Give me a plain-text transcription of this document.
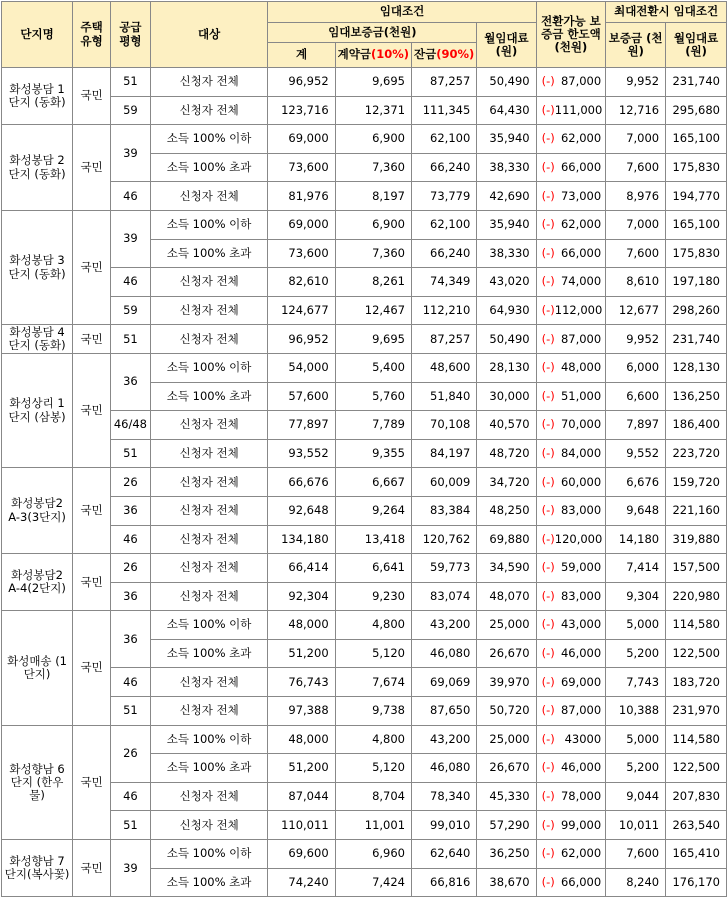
단지명	주택 유형	공급 평형	대상	임대조건				전환가능 보증금 한도액(천원)	최대전환시 임대조건	
				임대보증금(천원)			월임대료 (원)		보증금 (천원)	월임대료 (원)
				계	계약금(10%)	잔금(90%)				
화성봉담 1단지 (동화)	국민	51	신청자 전체	96,952	9,695	87,257	50,490	(-) 87,000	9,952	231,740
		59	신청자 전체	123,716	12,371	111,345	64,430	(-) 111,000	12,716	295,680
화성봉담 2단지 (동화)	국민	39	소득 100% 이하	69,000	6,900	62,100	35,940	(-) 62,000	7,000	165,100
			소득 100% 초과	73,600	7,360	66,240	38,330	(-) 66,000	7,600	175,830
		46	신청자 전체	81,976	8,197	73,779	42,690	(-) 73,000	8,976	194,770
화성봉담 3단지 (동화)	국민	39	소득 100% 이하	69,000	6,900	62,100	35,940	(-) 62,000	7,000	165,100
			소득 100% 초과	73,600	7,360	66,240	38,330	(-) 66,000	7,600	175,830
		46	신청자 전체	82,610	8,261	74,349	43,020	(-) 74,000	8,610	197,180
		59	신청자 전체	124,677	12,467	112,210	64,930	(-) 112,000	12,677	298,260
화성봉담 4단지 (동화)	국민	51	신청자 전체	96,952	9,695	87,257	50,490	(-) 87,000	9,952	231,740
화성상리 1단지 (삼봉)	국민	36	소득 100% 이하	54,000	5,400	48,600	28,130	(-) 48,000	6,000	128,130
			소득 100% 초과	57,600	5,760	51,840	30,000	(-) 51,000	6,600	136,250
		46/48	신청자 전체	77,897	7,789	70,108	40,570	(-) 70,000	7,897	186,400
		51	신청자 전체	93,552	9,355	84,197	48,720	(-) 84,000	9,552	223,720
화성봉담2 A-3(3단지)	국민	26	신청자 전체	66,676	6,667	60,009	34,720	(-) 60,000	6,676	159,720
		36	신청자 전체	92,648	9,264	83,384	48,250	(-) 83,000	9,648	221,160
		46	신청자 전체	134,180	13,418	120,762	69,880	(-) 120,000	14,180	319,880
화성봉담2 A-4(2단지)	국민	26	신청자 전체	66,414	6,641	59,773	34,590	(-) 59,000	7,414	157,500
		36	신청자 전체	92,304	9,230	83,074	48,070	(-) 83,000	9,304	220,980
화성매송 (1단지)	국민	36	소득 100% 이하	48,000	4,800	43,200	25,000	(-) 43,000	5,000	114,580
			소득 100% 초과	51,200	5,120	46,080	26,670	(-) 46,000	5,200	122,500
		46	신청자 전체	76,743	7,674	69,069	39,970	(-) 69,000	7,743	183,720
		51	신청자 전체	97,388	9,738	87,650	50,720	(-) 87,000	10,388	231,970
화성향남 6단지 (한우물)	국민	26	소득 100% 이하	48,000	4,800	43,200	25,000	(-) 43000	5,000	114,580
			소득 100% 초과	51,200	5,120	46,080	26,670	(-) 46,000	5,200	122,500
		46	신청자 전체	87,044	8,704	78,340	45,330	(-) 78,000	9,044	207,830
		51	신청자 전체	110,011	11,001	99,010	57,290	(-) 99,000	10,011	263,540
화성향남 7단지(복사꽃)	국민	39	소득 100% 이하	69,600	6,960	62,640	36,250	(-) 62,000	7,600	165,410
			소득 100% 초과	74,240	7,424	66,816	38,670	(-) 66,000	8,240	176,170
